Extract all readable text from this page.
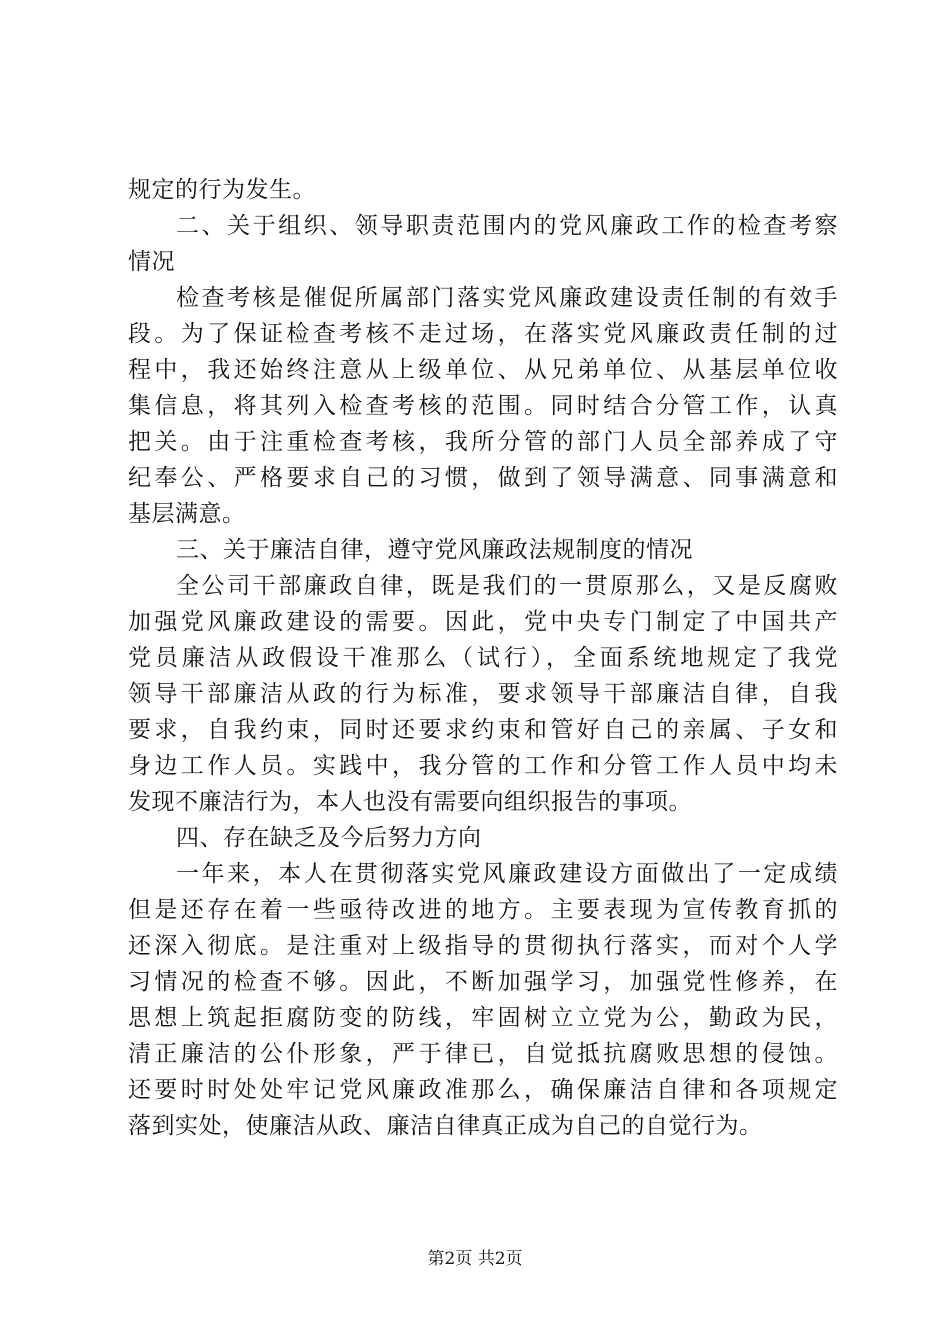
规定的行为发生。
二、关于组织、领导职责范围内的党风廉政工作的检查考察
情况
检查考核是催促所属部门落实党风廉政建设责任制的有效手
段。为了保证检查考核不走过场，在落实党风廉政责任制的过
程中，我还始终注意从上级单位、从兄弟单位、从基层单位收
集信息，将其列入检查考核的范围。同时结合分管工作，认真
把关。由于注重检查考核，我所分管的部门人员全部养成了守
纪奉公、严格要求自己的习惯，做到了领导满意、同事满意和
基层满意。
三、关于廉洁自律，遵守党风廉政法规制度的情况
全公司干部廉政自律，既是我们的一贯原那么，又是反腐败
加强党风廉政建设的需要。因此，党中央专门制定了中国共产
党员廉洁从政假设干准那么（试行），全面系统地规定了我党
领导干部廉洁从政的行为标准，要求领导干部廉洁自律，自我
要求，自我约束，同时还要求约束和管好自己的亲属、子女和
身边工作人员。实践中，我分管的工作和分管工作人员中均未
发现不廉洁行为，本人也没有需要向组织报告的事项。
四、存在缺乏及今后努力方向
一年来，本人在贯彻落实党风廉政建设方面做出了一定成绩
但是还存在着一些亟待改进的地方。主要表现为宣传教育抓的
还深入彻底。是注重对上级指导的贯彻执行落实，而对个人学
习情况的检查不够。因此，不断加强学习，加强党性修养，在
思想上筑起拒腐防变的防线，牢固树立立党为公，勤政为民，
清正廉洁的公仆形象，严于律已，自觉抵抗腐败思想的侵蚀。
还要时时处处牢记党风廉政准那么，确保廉洁自律和各项规定
落到实处，使廉洁从政、廉洁自律真正成为自己的自觉行为。
第2页 共2页
